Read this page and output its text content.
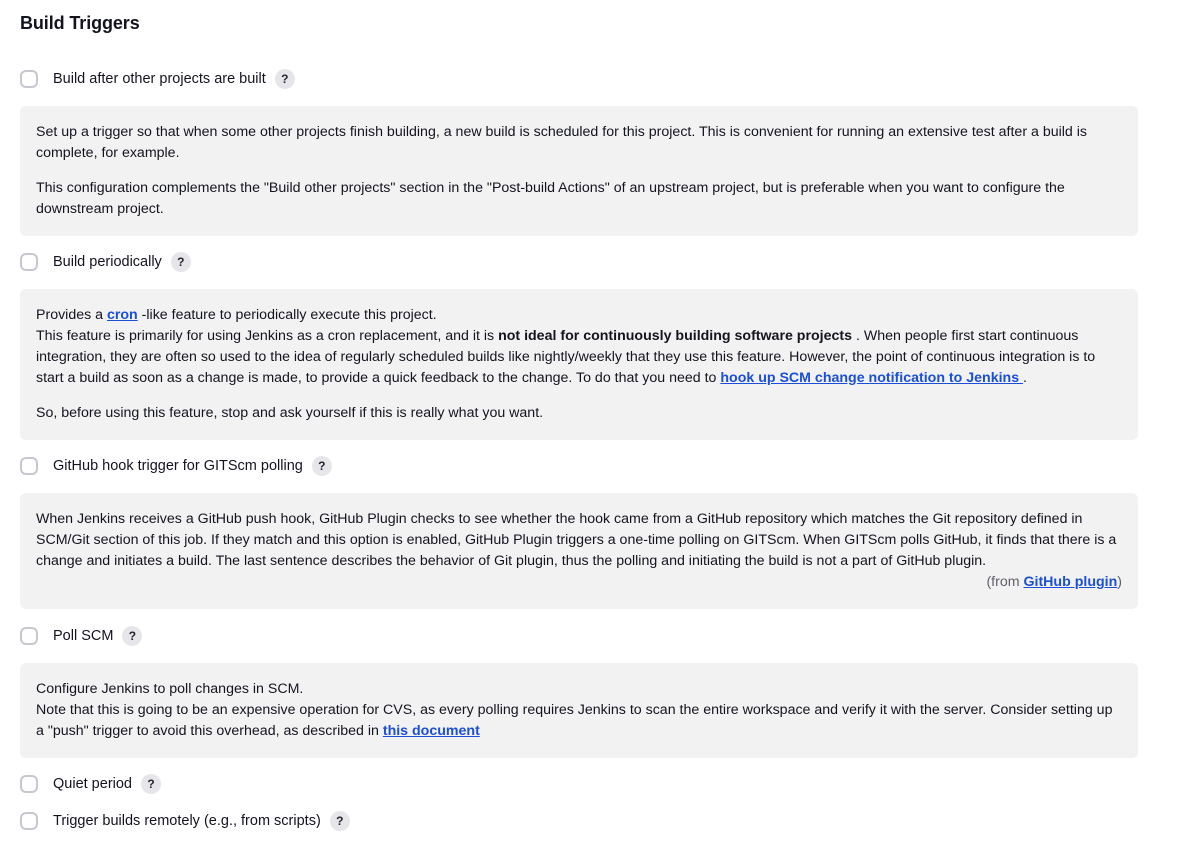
Build Triggers
Build after other projects are built	?

Set up a trigger so that when some other projects finish building, a new build is scheduled for this project. This is convenient for running an extensive test after a build is complete, for example.

This configuration complements the "Build other projects" section in the "Post-build Actions" of an upstream project, but is preferable when you want to configure the downstream project.

Build periodically	?

Provides a cron -like feature to periodically execute this project.
This feature is primarily for using Jenkins as a cron replacement, and it is not ideal for continuously building software projects . When people first start continuous integration, they are often so used to the idea of regularly scheduled builds like nightly/weekly that they use this feature. However, the point of continuous integration is to start a build as soon as a change is made, to provide a quick feedback to the change. To do that you need to hook up SCM change notification to Jenkins .

So, before using this feature, stop and ask yourself if this is really what you want.

GitHub hook trigger for GITScm polling	?

When Jenkins receives a GitHub push hook, GitHub Plugin checks to see whether the hook came from a GitHub repository which matches the Git repository defined in SCM/Git section of this job. If they match and this option is enabled, GitHub Plugin triggers a one-time polling on GITScm. When GITScm polls GitHub, it finds that there is a change and initiates a build. The last sentence describes the behavior of Git plugin, thus the polling and initiating the build is not a part of GitHub plugin.

(from GitHub plugin)
Poll SCM	?

Configure Jenkins to poll changes in SCM.
Note that this is going to be an expensive operation for CVS, as every polling requires Jenkins to scan the entire workspace and verify it with the server. Consider setting up a "push" trigger to avoid this overhead, as described in this document

Quiet period	?
Trigger builds remotely (e.g., from scripts)	?
